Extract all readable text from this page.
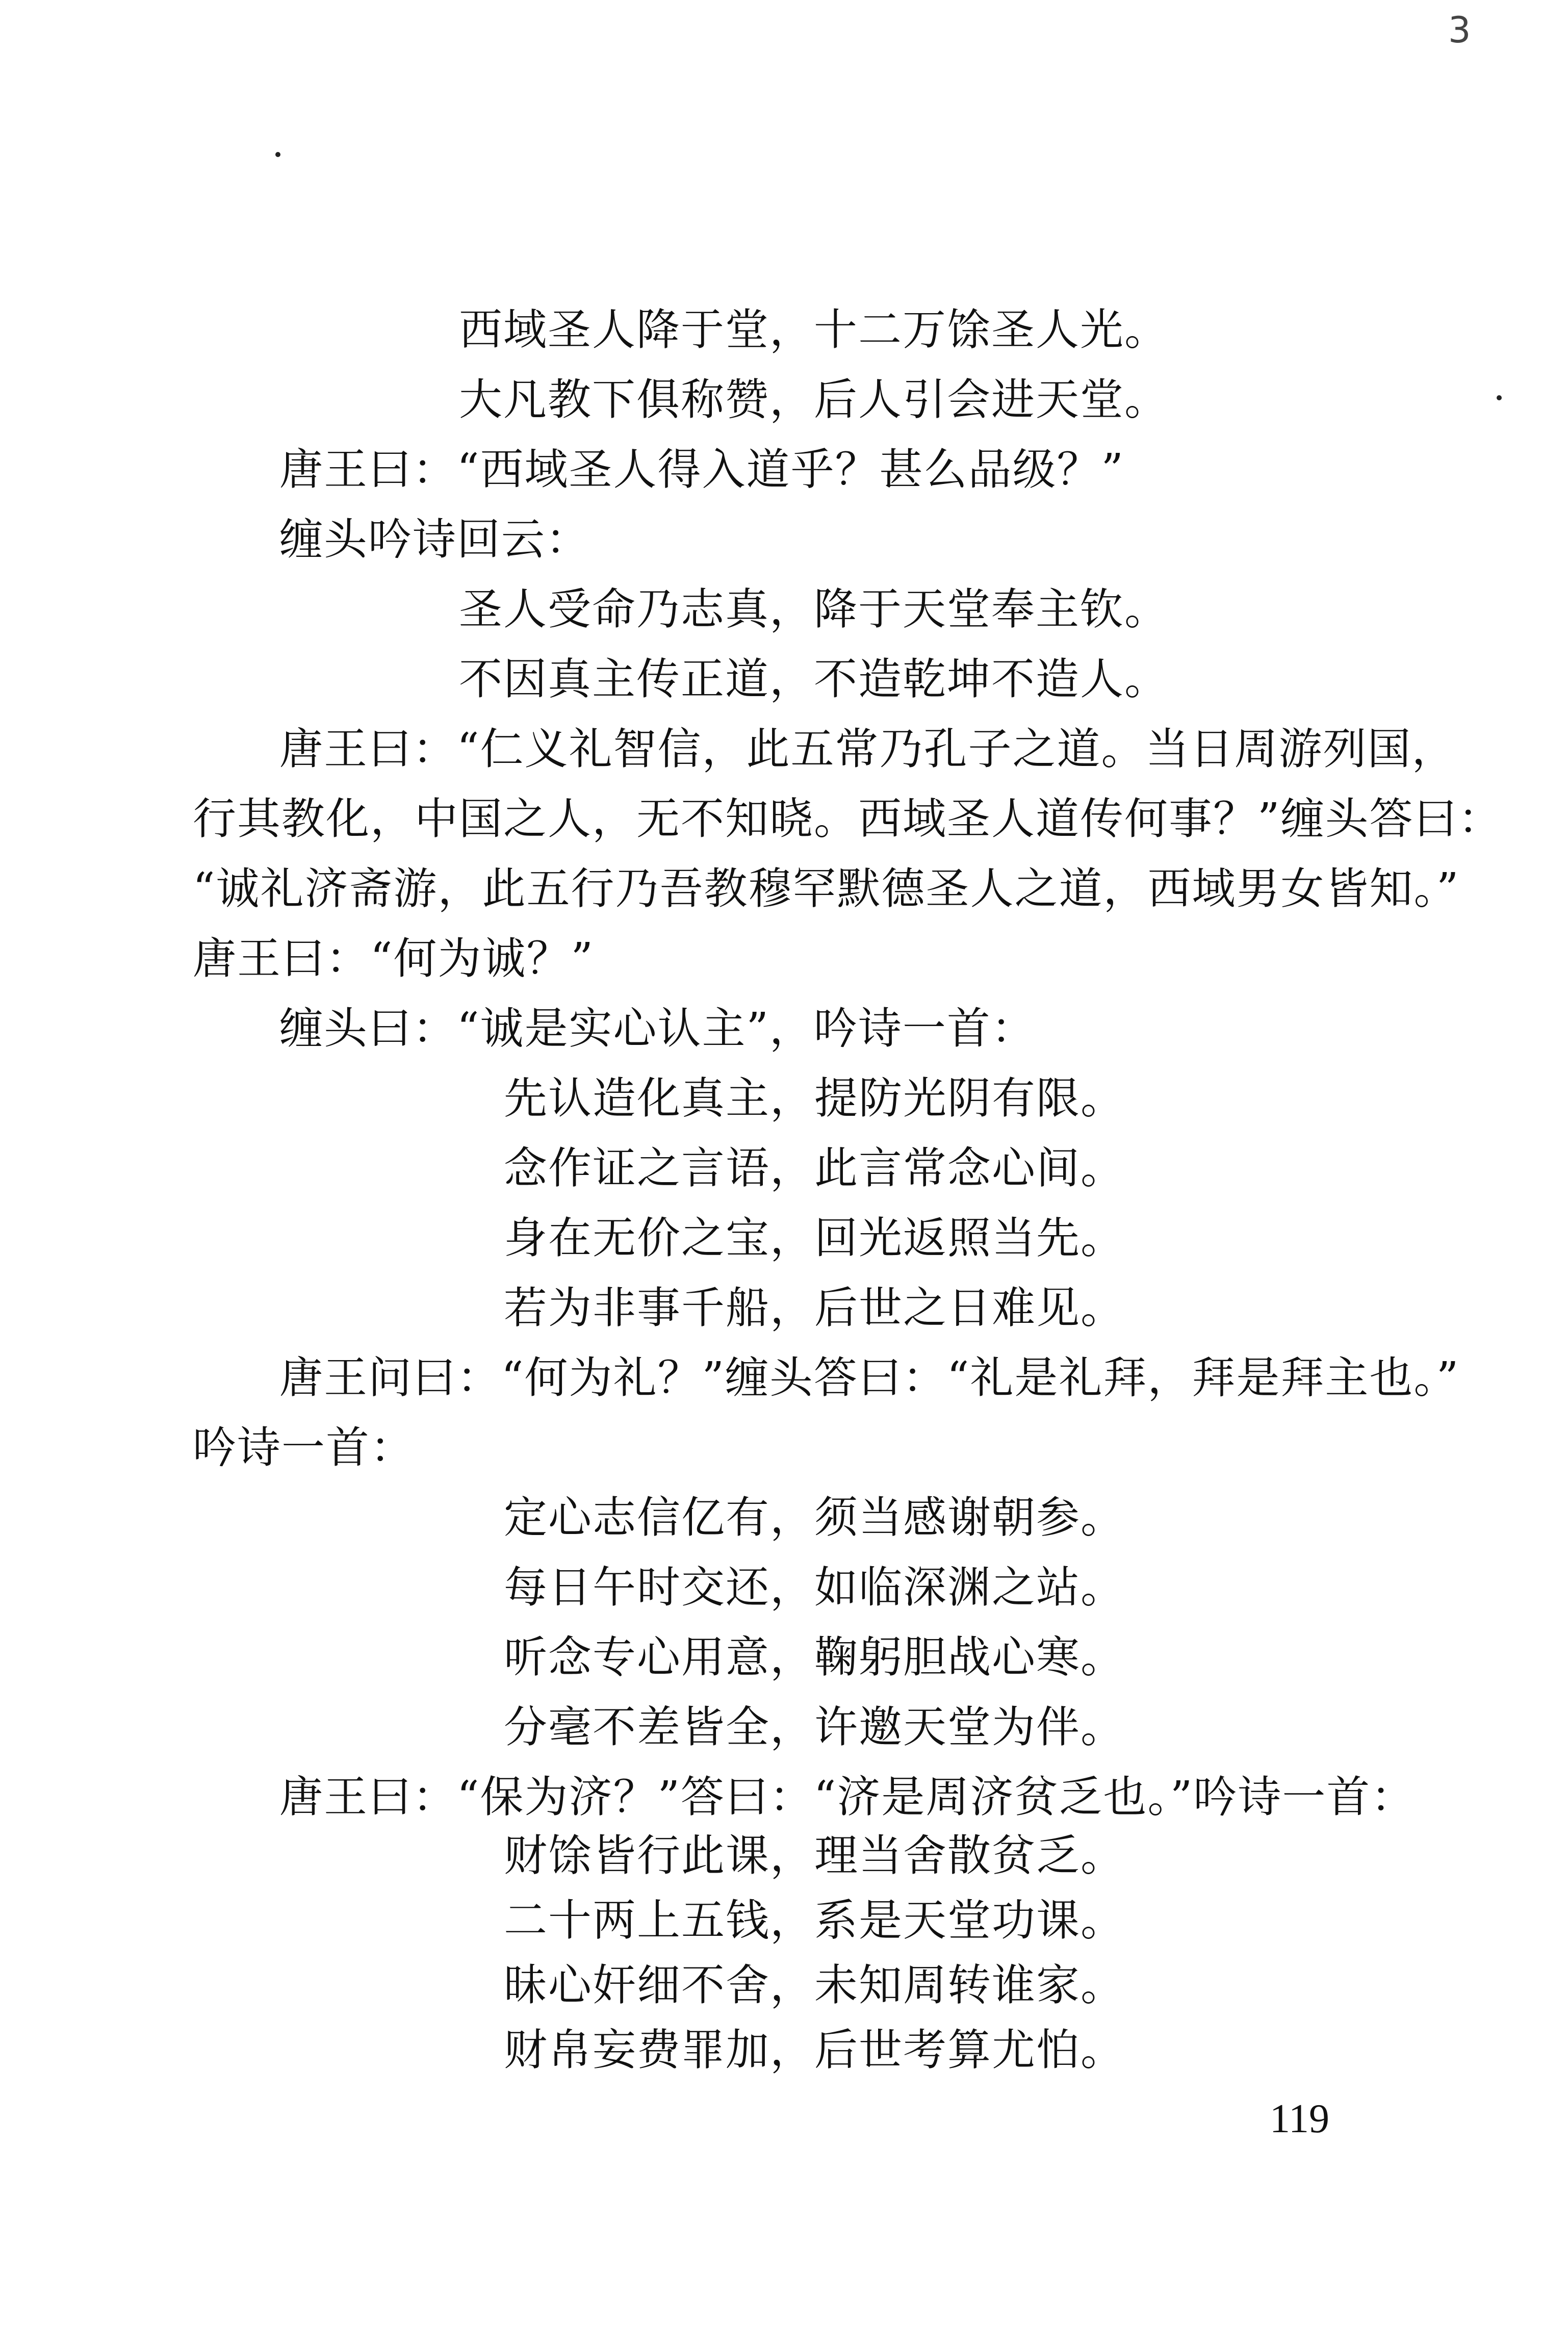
3
西域圣人降于堂，十二万馀圣人光。
大凡教下俱称赞，后人引会进天堂。
唐王曰：“西域圣人得入道乎？甚么品级？”
缠头吟诗回云：
圣人受命乃志真，降于天堂奉主钦。
不因真主传正道，不造乾坤不造人。
唐王曰：“仁义礼智信，此五常乃孔子之道。当日周游列国，
行其教化，中国之人，无不知晓。西域圣人道传何事？”缠头答曰：
“诚礼济斋游，此五行乃吾教穆罕默德圣人之道，西域男女皆知。”
唐王曰：“何为诚？”
缠头曰：“诚是实心认主”，吟诗一首：
先认造化真主，提防光阴有限。
念作证之言语，此言常念心间。
身在无价之宝，回光返照当先。
若为非事千船，后世之日难见。
唐王问曰：“何为礼？”缠头答曰：“礼是礼拜，拜是拜主也。”
吟诗一首：
定心志信亿有，须当感谢朝参。
每日午时交还，如临深渊之站。
听念专心用意，鞠躬胆战心寒。
分毫不差皆全，许邀天堂为伴。
唐王曰：“保为济？”答曰：“济是周济贫乏也。”吟诗一首：
财馀皆行此课，理当舍散贫乏。
二十两上五钱，系是天堂功课。
昧心奸细不舍，未知周转谁家。
财帛妄费罪加，后世考算尤怕。
119
